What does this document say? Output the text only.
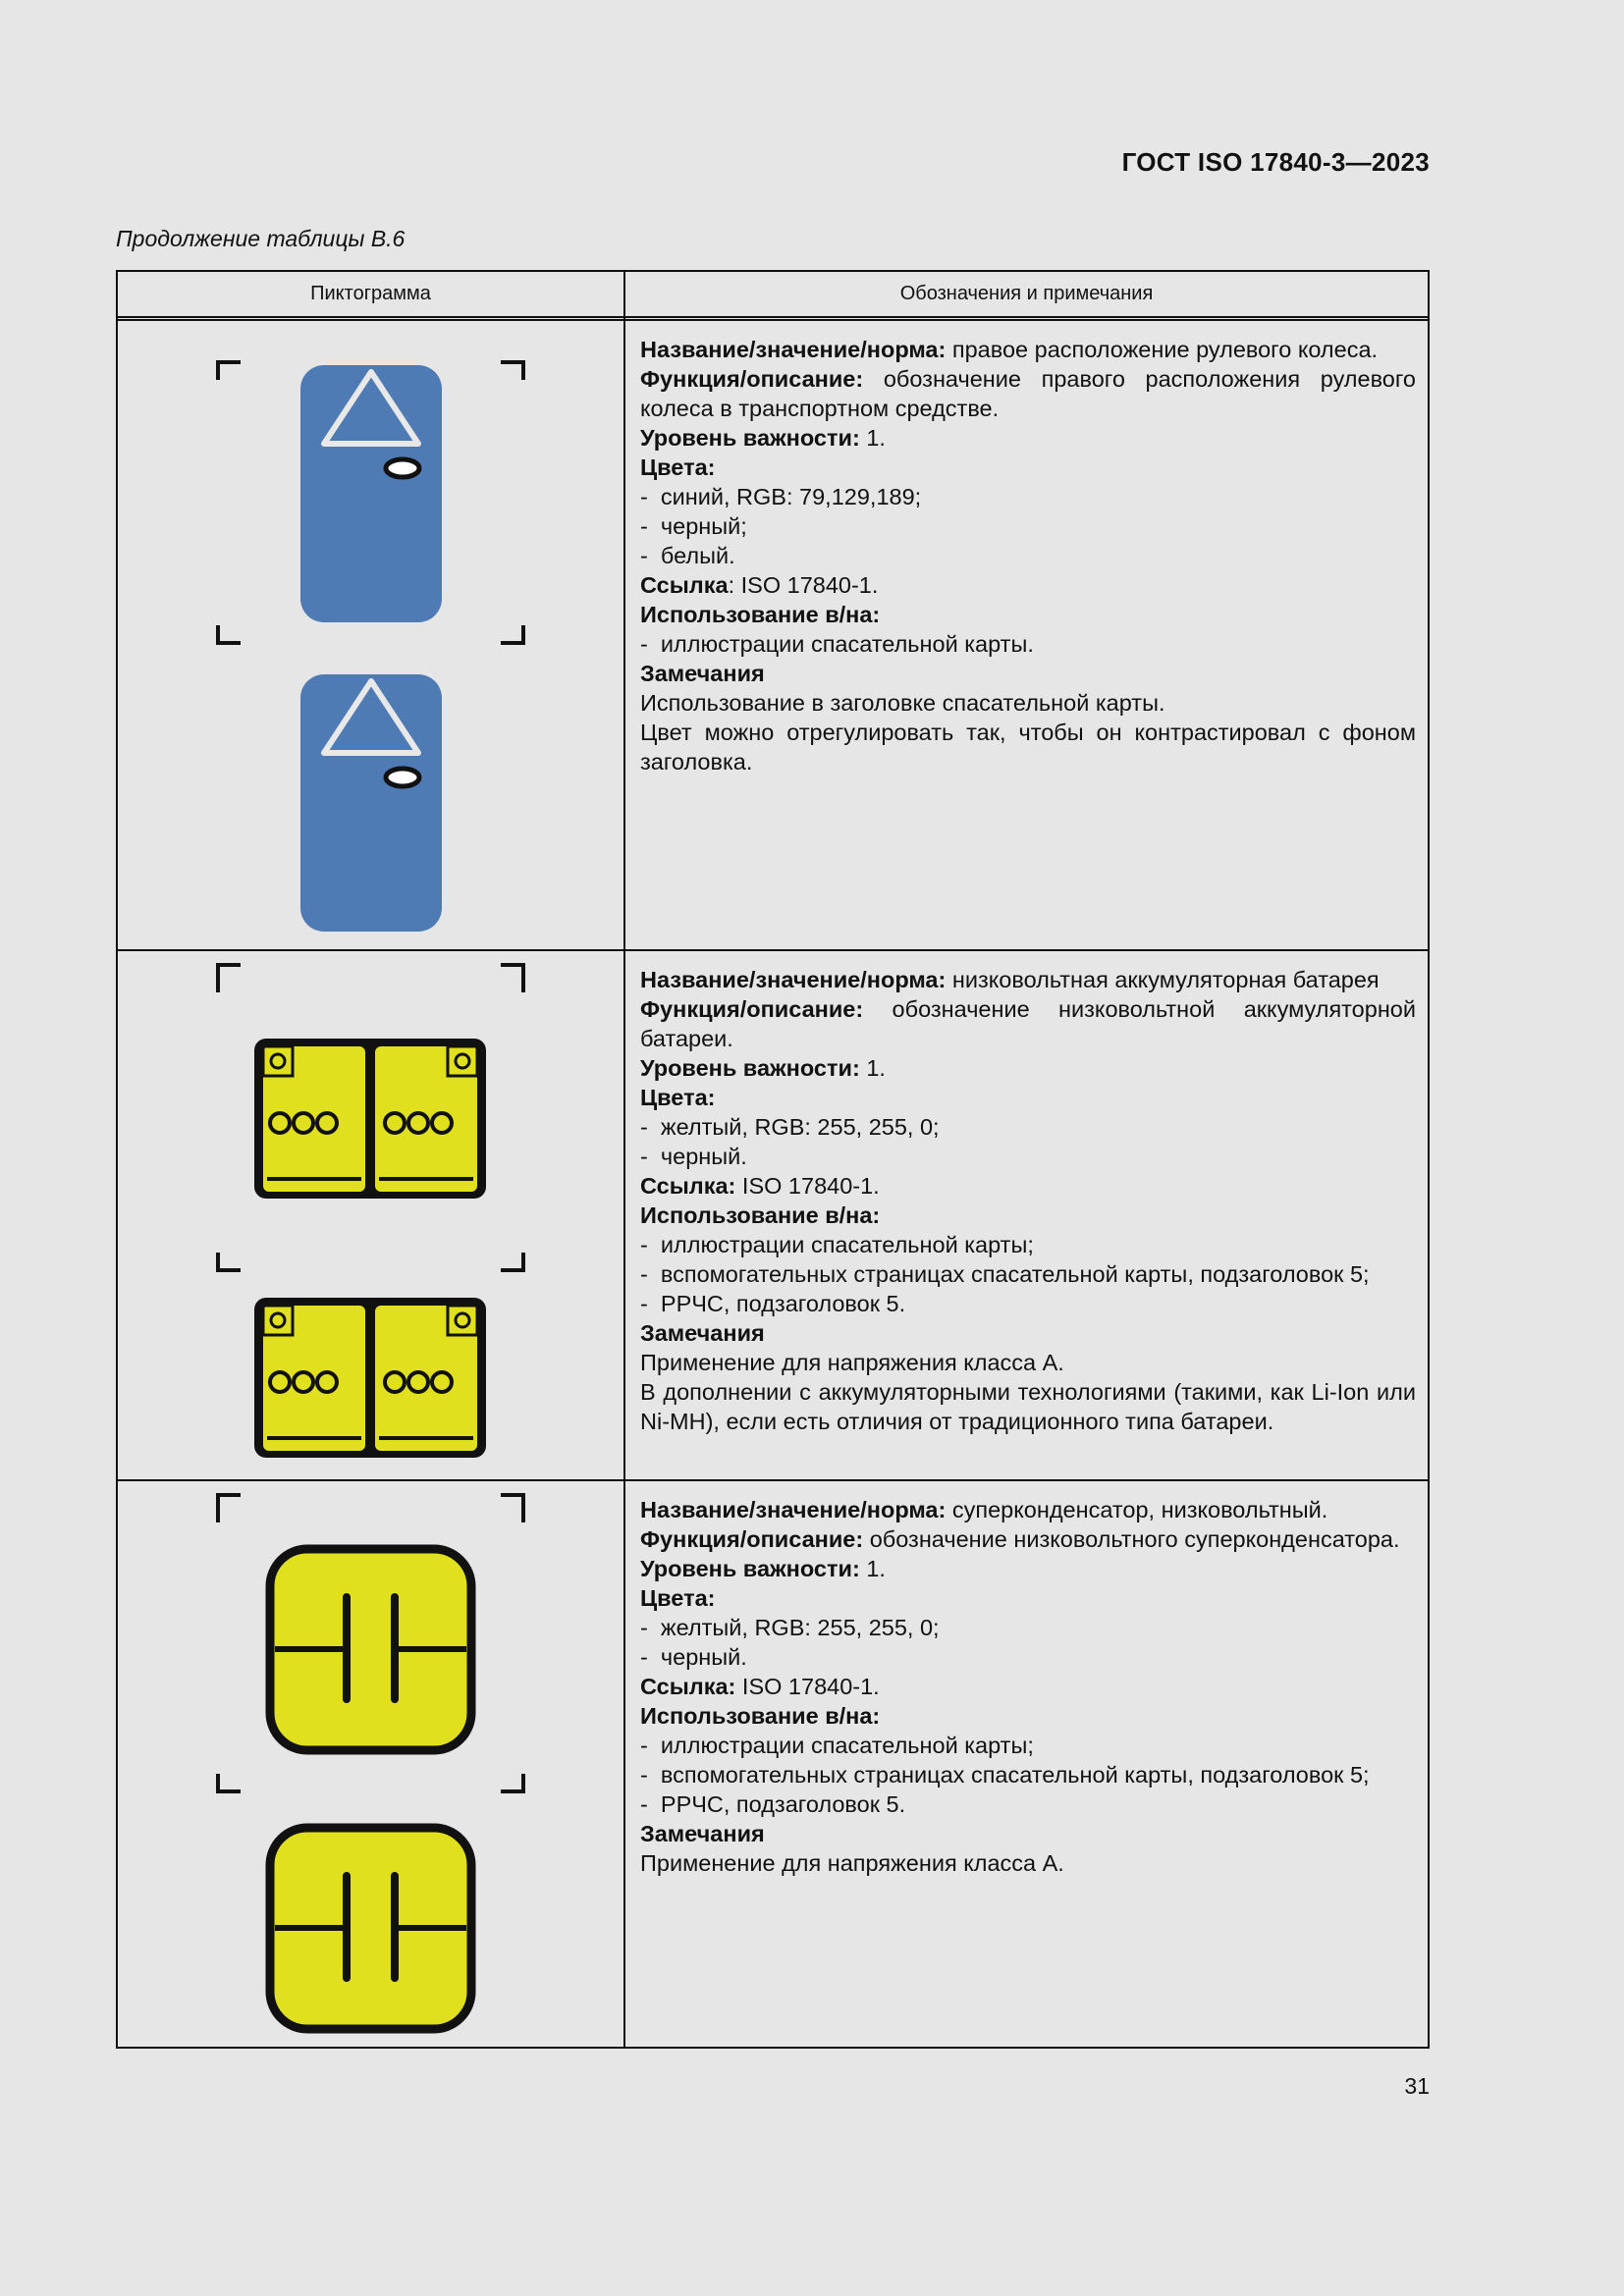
ГОСТ ISO 17840-3—2023
Продолжение таблицы В.6
Пиктограмма	Обозначения и примечания

Название/значение/норма: правое расположение рулевого колеса.

Функция/описание: обозначение правого расположения рулевого колеса в транспортном средстве.

Уровень важности: 1.

Цвета:

-  синий, RGB: 79,129,189;

-  черный;

-  белый.

Ссылка: ISO 17840-1.

Использование в/на:

-  иллюстрации спасательной карты.

Замечания

Использование в заголовке спасательной карты.

Цвет можно отрегулировать так, чтобы он контрастировал с фоном заголовка.

Название/значение/норма: низковольтная аккумуляторная батарея

Функция/описание: обозначение низковольтной аккумуляторной батареи.

Уровень важности: 1.

Цвета:

-  желтый, RGB: 255, 255, 0;

-  черный.

Ссылка: ISO 17840-1.

Использование в/на:

-  иллюстрации спасательной карты;

-  вспомогательных страницах спасательной карты, подзаголовок 5;

-  РРЧС, подзаголовок 5.

Замечания

Применение для напряжения класса А.

В дополнении с аккумуляторными технологиями (такими, как Li-Ion или Ni-MH), если есть отличия от традиционного типа батареи.

Название/значение/норма: суперконденсатор, низковольтный.

Функция/описание: обозначение низковольтного суперконденсатора.

Уровень важности: 1.

Цвета:

-  желтый, RGB: 255, 255, 0;

-  черный.

Ссылка: ISO 17840-1.

Использование в/на:

-  иллюстрации спасательной карты;

-  вспомогательных страницах спасательной карты, подзаголовок 5;

-  РРЧС, подзаголовок 5.

Замечания

Применение для напряжения класса А.

31
